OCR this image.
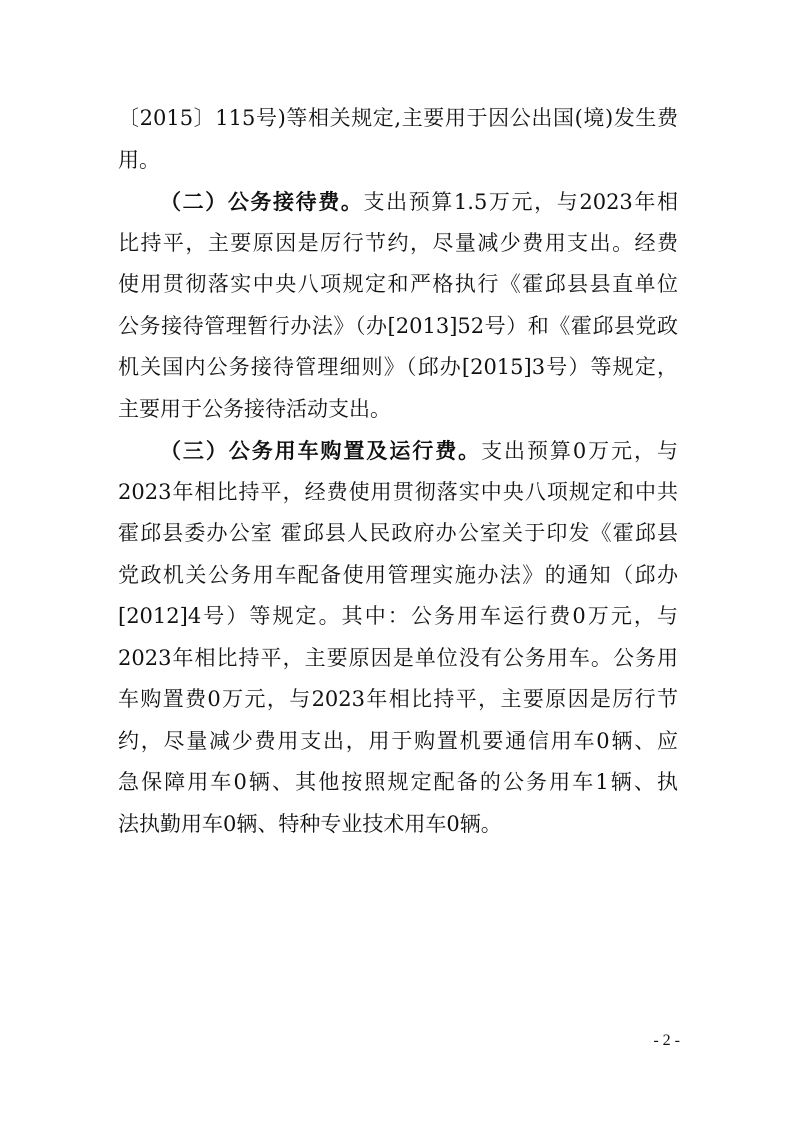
〔2015〕115号)等相关规定,主要用于因公出国(境)发生费
用。
（二）公务接待费。支出预算1.5万元，与2023年相
比持平，主要原因是厉行节约，尽量减少费用支出。经费
使用贯彻落实中央八项规定和严格执行《霍邱县县直单位
公务接待管理暂行办法》（办[2013]52号）和《霍邱县党政
机关国内公务接待管理细则》（邱办[2015]3号）等规定，
主要用于公务接待活动支出。
（三）公务用车购置及运行费。支出预算0万元，与
2023年相比持平，经费使用贯彻落实中央八项规定和中共
霍邱县委办公室 霍邱县人民政府办公室关于印发《霍邱县
党政机关公务用车配备使用管理实施办法》的通知（邱办
[2012]4号）等规定。其中：公务用车运行费0万元，与
2023年相比持平，主要原因是单位没有公务用车。公务用
车购置费0万元，与2023年相比持平，主要原因是厉行节
约，尽量减少费用支出，用于购置机要通信用车0辆、应
急保障用车0辆、其他按照规定配备的公务用车1辆、执
法执勤用车0辆、特种专业技术用车0辆。
- 2 -
